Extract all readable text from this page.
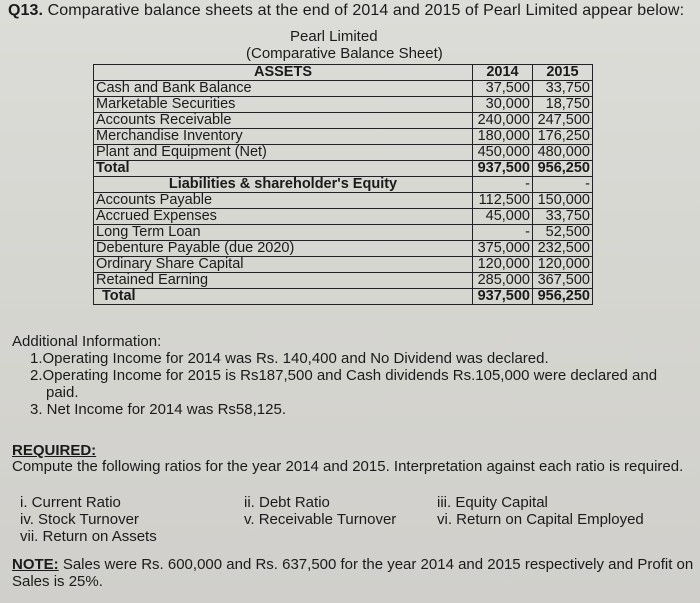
Q13. Comparative balance sheets at the end of 2014 and 2015 of Pearl Limited appear below:
Pearl Limited
(Comparative Balance Sheet)
ASSETS	2014	2015
Cash and Bank Balance	37,500	33,750
Marketable Securities	30,000	18,750
Accounts Receivable	240,000	247,500
Merchandise Inventory	180,000	176,250
Plant and Equipment (Net)	450,000	480,000
Total	937,500	956,250
Liabilities & shareholder's Equity	-	-
Accounts Payable	112,500	150,000
Accrued Expenses	45,000	33,750
Long Term Loan	-	52,500
Debenture Payable (due 2020)	375,000	232,500
Ordinary Share Capital	120,000	120,000
Retained Earning	285,000	367,500
Total	937,500	956,250
Additional Information:
1.Operating Income for 2014 was Rs. 140,400 and No Dividend was declared.
2.Operating Income for 2015 is Rs187,500 and Cash dividends Rs.105,000 were declared and
paid.
3. Net Income for 2014 was Rs58,125.
REQUIRED:
Compute the following ratios for the year 2014 and 2015. Interpretation against each ratio is required.
i. Current Ratio	ii. Debt Ratio	iii. Equity Capital
iv. Stock Turnover	v. Receivable Turnover	vi. Return on Capital Employed
vii. Return on Assets
NOTE: Sales were Rs. 600,000 and Rs. 637,500 for the year 2014 and 2015 respectively and Profit on Sales is 25%.
